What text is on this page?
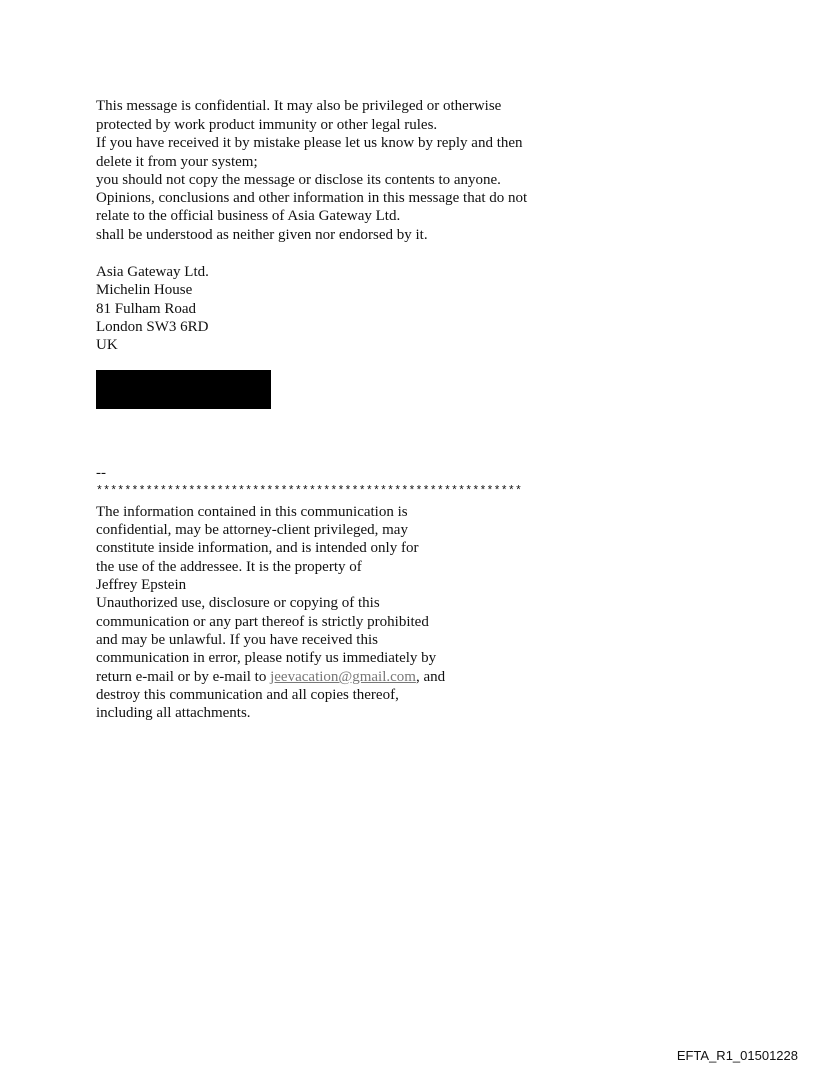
This message is confidential. It may also be privileged or otherwise
protected by work product immunity or other legal rules.
If you have received it by mistake please let us know by reply and then
delete it from your system;
you should not copy the message or disclose its contents to anyone.
Opinions, conclusions and other information in this message that do not
relate to the official business of Asia Gateway Ltd.
shall be understood as neither given nor endorsed by it.
Asia Gateway Ltd.
Michelin House
81 Fulham Road
London SW3 6RD
UK
--
************************************************************
The information contained in this communication is
confidential, may be attorney-client privileged, may
constitute inside information, and is intended only for
the use of the addressee. It is the property of
Jeffrey Epstein
Unauthorized use, disclosure or copying of this
communication or any part thereof is strictly prohibited
and may be unlawful. If you have received this
communication in error, please notify us immediately by
return e-mail or by e-mail to jeevacation@gmail.com, and
destroy this communication and all copies thereof,
including all attachments.
EFTA_R1_01501228
